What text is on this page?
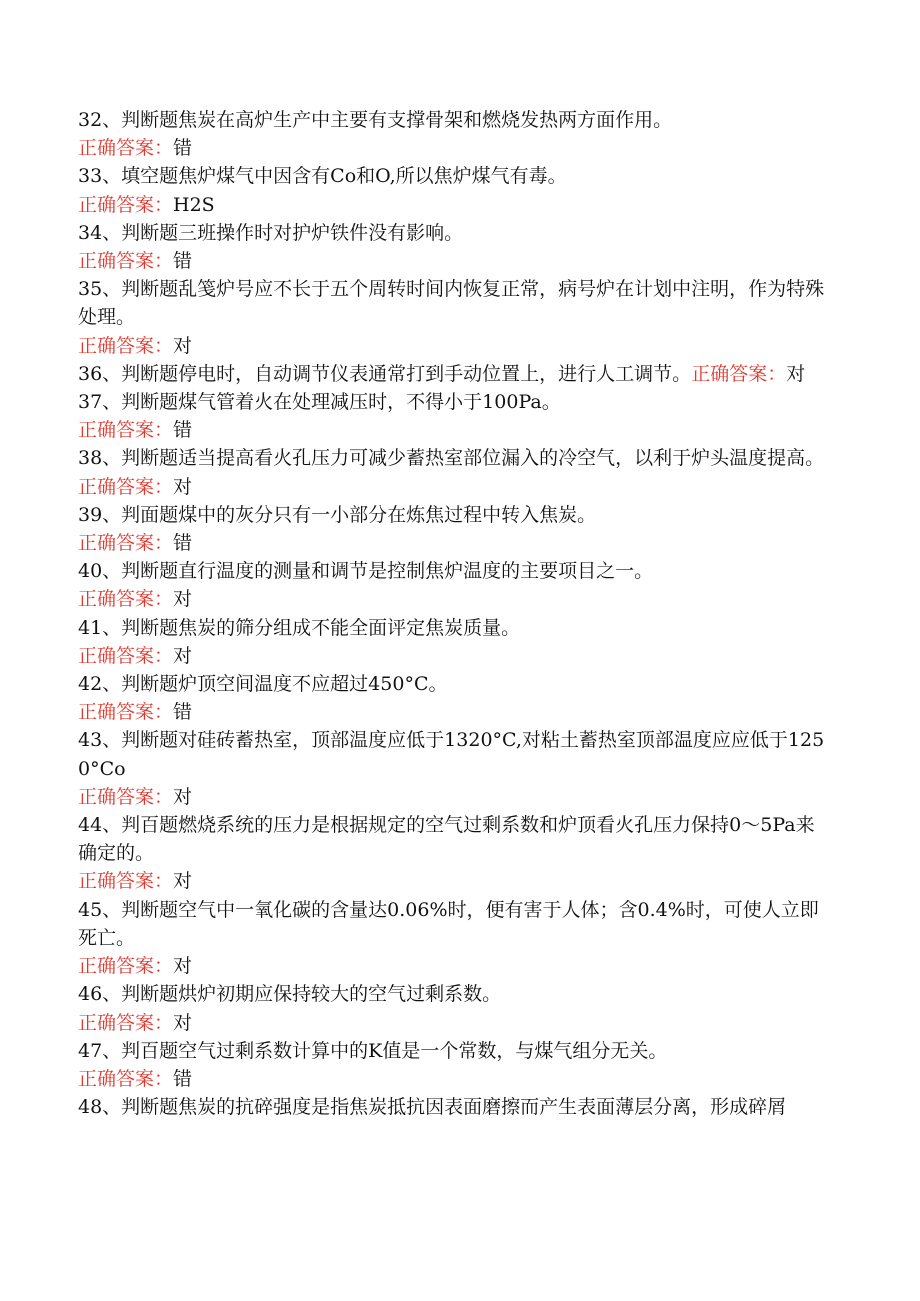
32、判断题焦炭在高炉生产中主要有支撑骨架和燃烧发热两方面作用。

正确答案：错

33、填空题焦炉煤气中因含有Co和O,所以焦炉煤气有毒。

正确答案：H2S

34、判断题三班操作时对护炉铁件没有影响。

正确答案：错

35、判断题乱笺炉号应不长于五个周转时间内恢复正常，病号炉在计划中注明，作为特殊处理。

正确答案：对

36、判断题停电时，自动调节仪表通常打到手动位置上，进行人工调节。正确答案：对

37、判断题煤气管着火在处理减压时，不得小于100Pa。

正确答案：错

38、判断题适当提高看火孔压力可减少蓄热室部位漏入的冷空气，以利于炉头温度提高。

正确答案：对

39、判面题煤中的灰分只有一小部分在炼焦过程中转入焦炭。

正确答案：错

40、判断题直行温度的测量和调节是控制焦炉温度的主要项目之一。

正确答案：对

41、判断题焦炭的筛分组成不能全面评定焦炭质量。

正确答案：对

42、判断题炉顶空间温度不应超过450°C。

正确答案：错

43、判断题对硅砖蓄热室，顶部温度应低于1320°C,对粘土蓄热室顶部温度应应低于1250°Co

正确答案：对

44、判百题燃烧系统的压力是根据规定的空气过剩系数和炉顶看火孔压力保持0～5Pa来确定的。

正确答案：对

45、判断题空气中一氧化碳的含量达0.06%时，便有害于人体；含0.4%时，可使人立即死亡。

正确答案：对

46、判断题烘炉初期应保持较大的空气过剩系数。

正确答案：对

47、判百题空气过剩系数计算中的K值是一个常数，与煤气组分无关。

正确答案：错

48、判断题焦炭的抗碎强度是指焦炭抵抗因表面磨擦而产生表面薄层分离，形成碎屑
